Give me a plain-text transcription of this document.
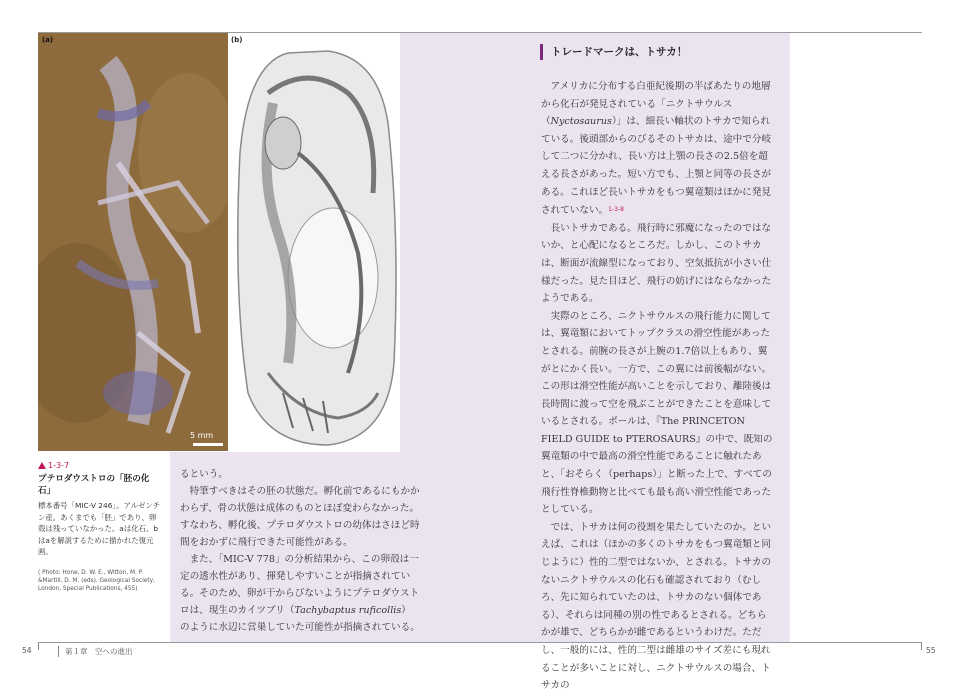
(a)
5 mm
(b)
1-3-7
プテロダウストロの「胚の化石」
標本番号「MIC-V 246」。アルゼンチン産。あくまでも「胚」であり、卵殻は残っていなかった。aは化石、bはaを解説するために描かれた復元画。
( Photo: Hone, D. W. E., Witton, M. P. &Martill, D. M. (eds). Geological Society, London, Special Publications, 455)

るという。

特筆すべきはその胚の状態だ。孵化前であるにもかかわらず、骨の状態は成体のものとほぼ変わらなかった。すなわち、孵化後、プテロダウストロの幼体はさほど時間をおかずに飛行できた可能性がある。

また、「MIC-V 778」の分析結果から、この卵殻は一定の透水性があり、揮発しやすいことが指摘されている。そのため、卵が干からびないようにプテロダウストロは、現生のカイツブリ（Tachybaptus ruficollis）のように水辺に営巣していた可能性が指摘されている。

トレードマークは、トサカ！

アメリカに分布する白亜紀後期の半ばあたりの地層から化石が発見されている「ニクトサウルス（Nyctosaurus）」は、細長い軸状のトサカで知られている。後頭部からのびるそのトサカは、途中で分岐して二つに分かれ、長い方は上顎の長さの2.5倍を超える長さがあった。短い方でも、上顎と同等の長さがある。これほど長いトサカをもつ翼竜類はほかに発見されていない。$^{1-3-8}$

長いトサカである。飛行時に邪魔になったのではないか、と心配になるところだ。しかし、このトサカは、断面が流線型になっており、空気抵抗が小さい仕様だった。見た目ほど、飛行の妨げにはならなかったようである。

実際のところ、ニクトサウルスの飛行能力に関しては、翼竜類においてトップクラスの滑空性能があったとされる。前腕の長さが上腕の1.7倍以上もあり、翼がとにかく長い。一方で、この翼には前後幅がない。この形は滑空性能が高いことを示しており、離陸後は長時間に渡って空を飛ぶことができたことを意味しているとされる。ボールは、『The PRINCETON FIELD GUIDE to PTEROSAURS』の中で、既知の翼竜類の中で最高の滑空性能であることに触れたあと、「おそらく（perhaps）」と断った上で、すべての飛行性脊椎動物と比べても最も高い滑空性能であったとしている。

では、トサカは何の役割を果たしていたのか。といえば、これは（ほかの多くのトサカをもつ翼竜類と同じように）性的二型ではないか、とされる。トサカのないニクトサウルスの化石も確認されており（むしろ、先に知られていたのは、トサカのない個体である）、それらは同種の別の性であるとされる。どちらかが雄で、どちらかが雌であるというわけだ。ただし、一般的には、性的二型は雌雄のサイズ差にも現れることが多いことに対し、ニクトサウルスの場合、トサカの

54	第１章　空への進出	55
